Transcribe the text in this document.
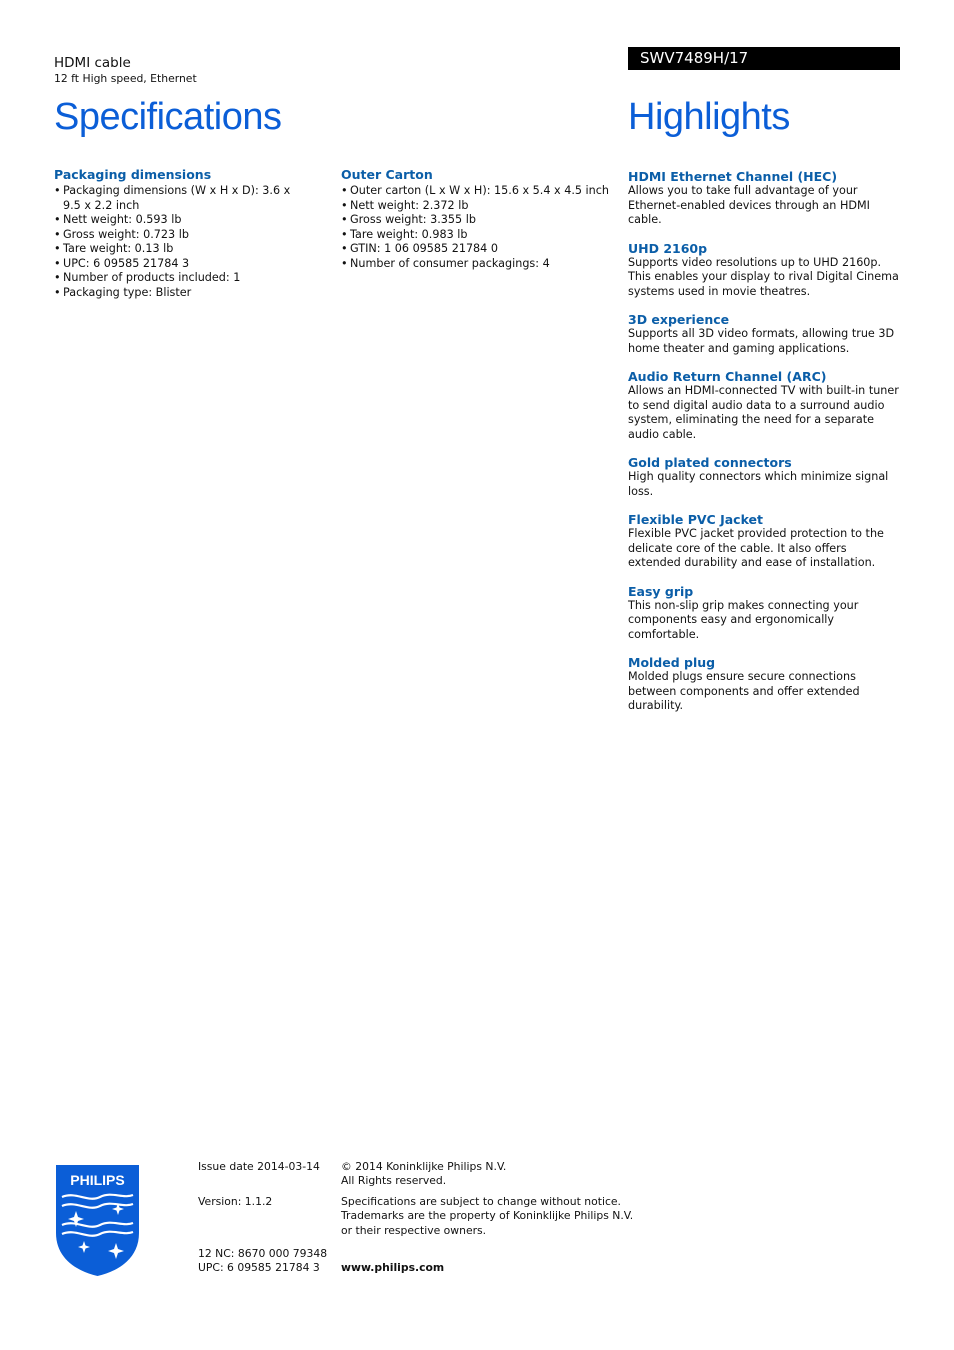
HDMI cable
12 ft High speed, Ethernet
Specifications
SWV7489H/17
Highlights
Packaging dimensions
• Packaging dimensions (W x H x D): 3.6 x 9.5 x 2.2 inch
• Nett weight: 0.593 lb
• Gross weight: 0.723 lb
• Tare weight: 0.13 lb
• UPC: 6 09585 21784 3
• Number of products included: 1
• Packaging type: Blister
Outer Carton
• Outer carton (L x W x H): 15.6 x 5.4 x 4.5 inch
• Nett weight: 2.372 lb
• Gross weight: 3.355 lb
• Tare weight: 0.983 lb
• GTIN: 1 06 09585 21784 0
• Number of consumer packagings: 4
HDMI Ethernet Channel (HEC)

Allows you to take full advantage of your Ethernet-enabled devices through an HDMI cable.

UHD 2160p

Supports video resolutions up to UHD 2160p. This enables your display to rival Digital Cinema systems used in movie theatres.

3D experience

Supports all 3D video formats, allowing true 3D home theater and gaming applications.

Audio Return Channel (ARC)

Allows an HDMI-connected TV with built-in tuner to send digital audio data to a surround audio system, eliminating the need for a separate audio cable.

Gold plated connectors

High quality connectors which minimize signal loss.

Flexible PVC Jacket

Flexible PVC jacket provided protection to the delicate core of the cable. It also offers extended durability and ease of installation.

Easy grip

This non-slip grip makes connecting your components easy and ergonomically comfortable.

Molded plug

Molded plugs ensure secure connections between components and offer extended durability.

PHILIPS
Issue date 2014-03-14
Version: 1.1.2
12 NC: 8670 000 79348
UPC: 6 09585 21784 3
© 2014 Koninklijke Philips N.V.
All Rights reserved.
Specifications are subject to change without notice.
Trademarks are the property of Koninklijke Philips N.V.
or their respective owners.
www.philips.com
